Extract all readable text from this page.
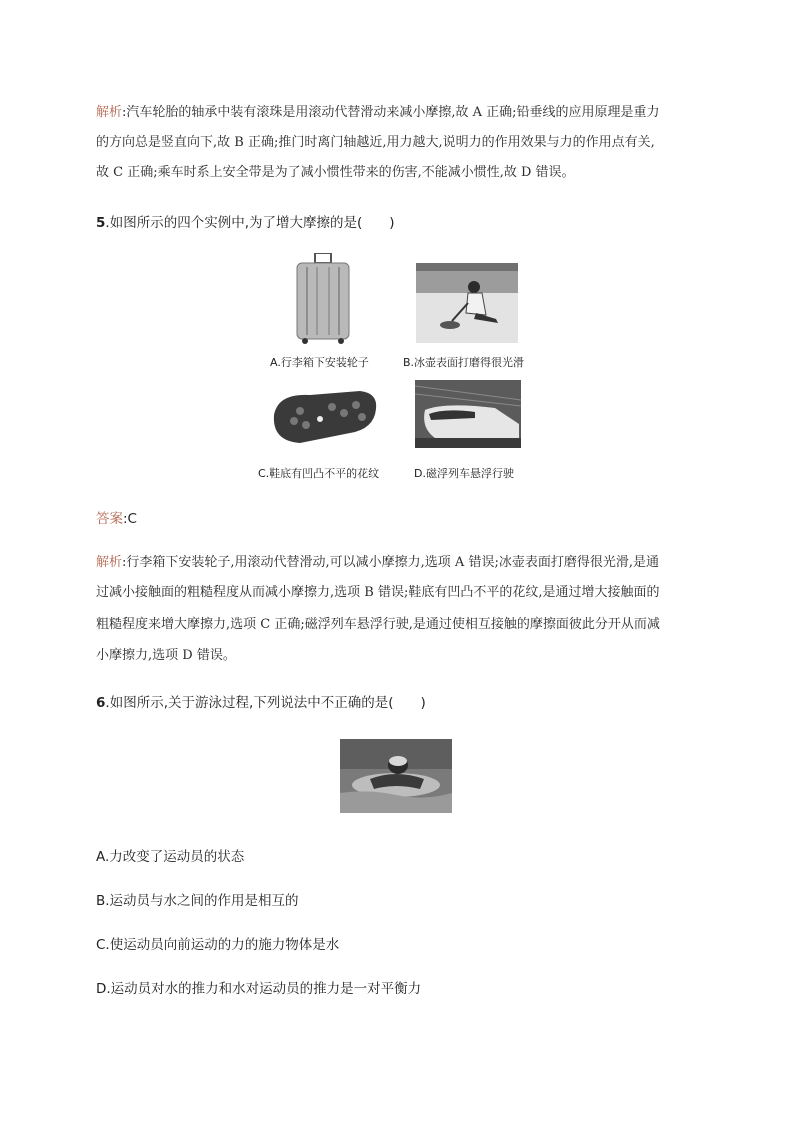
解析:汽车轮胎的轴承中装有滚珠是用滚动代替滑动来减小摩擦,故 A 正确;铅垂线的应用原理是重力
的方向总是竖直向下,故 B 正确;推门时离门轴越近,用力越大,说明力的作用效果与力的作用点有关,
故 C 正确;乘车时系上安全带是为了减小惯性带来的伤害,不能减小惯性,故 D 错误。
5.如图所示的四个实例中,为了增大摩擦的是(　　)
A.行李箱下安装轮子	B.冰壶表面打磨得很光滑
C.鞋底有凹凸不平的花纹	D.磁浮列车悬浮行驶
答案:C
解析:行李箱下安装轮子,用滚动代替滑动,可以减小摩擦力,选项 A 错误;冰壶表面打磨得很光滑,是通
过减小接触面的粗糙程度从而减小摩擦力,选项 B 错误;鞋底有凹凸不平的花纹,是通过增大接触面的
粗糙程度来增大摩擦力,选项 C 正确;磁浮列车悬浮行驶,是通过使相互接触的摩擦面彼此分开从而减
小摩擦力,选项 D 错误。
6.如图所示,关于游泳过程,下列说法中不正确的是(　　)
A.力改变了运动员的状态
B.运动员与水之间的作用是相互的
C.使运动员向前运动的力的施力物体是水
D.运动员对水的推力和水对运动员的推力是一对平衡力
